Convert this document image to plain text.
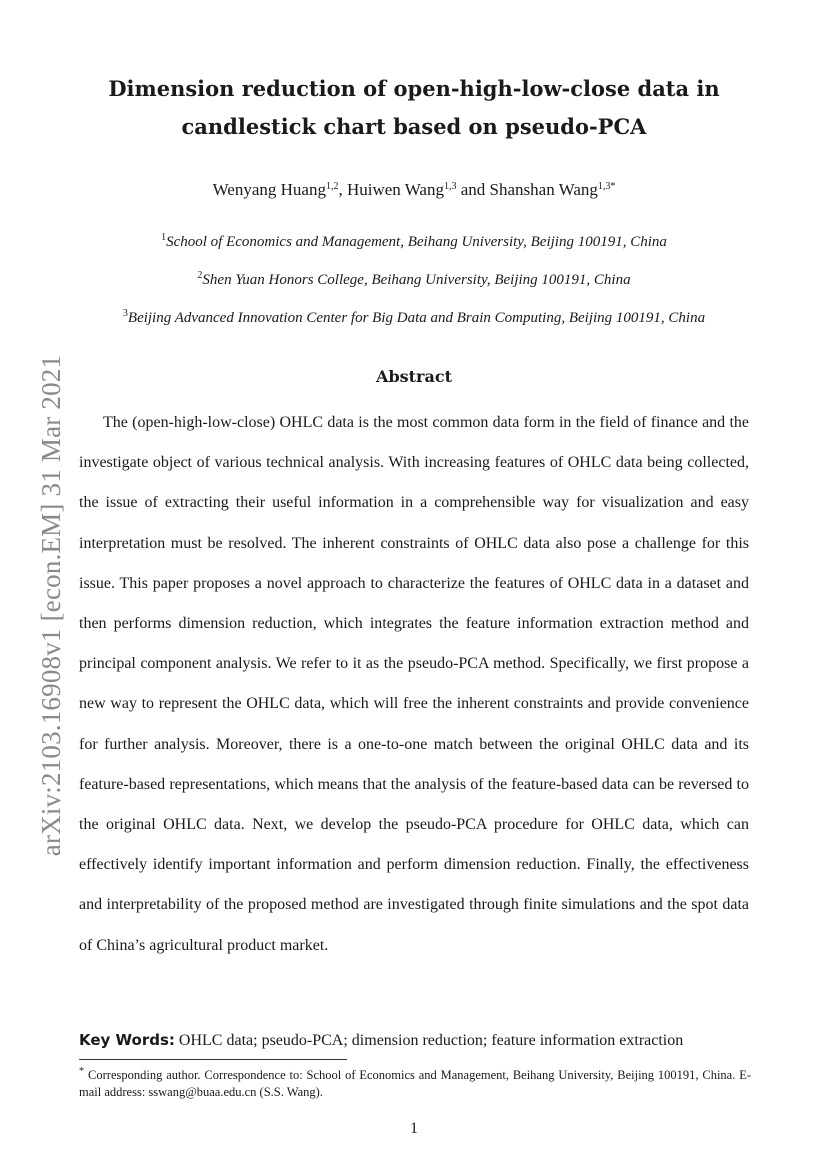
arXiv:2103.16908v1 [econ.EM] 31 Mar 2021
Dimension reduction of open-high-low-close data in
candlestick chart based on pseudo-PCA
Wenyang Huang$^{1,2}$, Huiwen Wang$^{1,3}$ and Shanshan Wang$^{1,3*}$
$^1$School of Economics and Management, Beihang University, Beijing 100191, China
$^2$Shen Yuan Honors College, Beihang University, Beijing 100191, China
$^3$Beijing Advanced Innovation Center for Big Data and Brain Computing, Beijing 100191, China
Abstract

The (open-high-low-close) OHLC data is the most common data form in the field of finance and the investigate object of various technical analysis. With increasing features of OHLC data being collected, the issue of extracting their useful information in a comprehensible way for visualization and easy interpretation must be resolved. The inherent constraints of OHLC data also pose a challenge for this issue. This paper proposes a novel approach to characterize the features of OHLC data in a dataset and then performs dimension reduction, which integrates the feature information extraction method and principal component analysis. We refer to it as the pseudo-PCA method. Specifically, we first propose a new way to represent the OHLC data, which will free the inherent constraints and provide convenience for further analysis. Moreover, there is a one-to-one match between the original OHLC data and its feature-based representations, which means that the analysis of the feature-based data can be reversed to the original OHLC data. Next, we develop the pseudo-PCA procedure for OHLC data, which can effectively identify important information and perform dimension reduction. Finally, the effectiveness and interpretability of the proposed method are investigated through finite simulations and the spot data of China’s agricultural product market.

Key Words: OHLC data; pseudo-PCA; dimension reduction; feature information extraction
* Corresponding author. Correspondence to: School of Economics and Management, Beihang University, Beijing 100191, China. E-mail address: sswang@buaa.edu.cn (S.S. Wang).
1
